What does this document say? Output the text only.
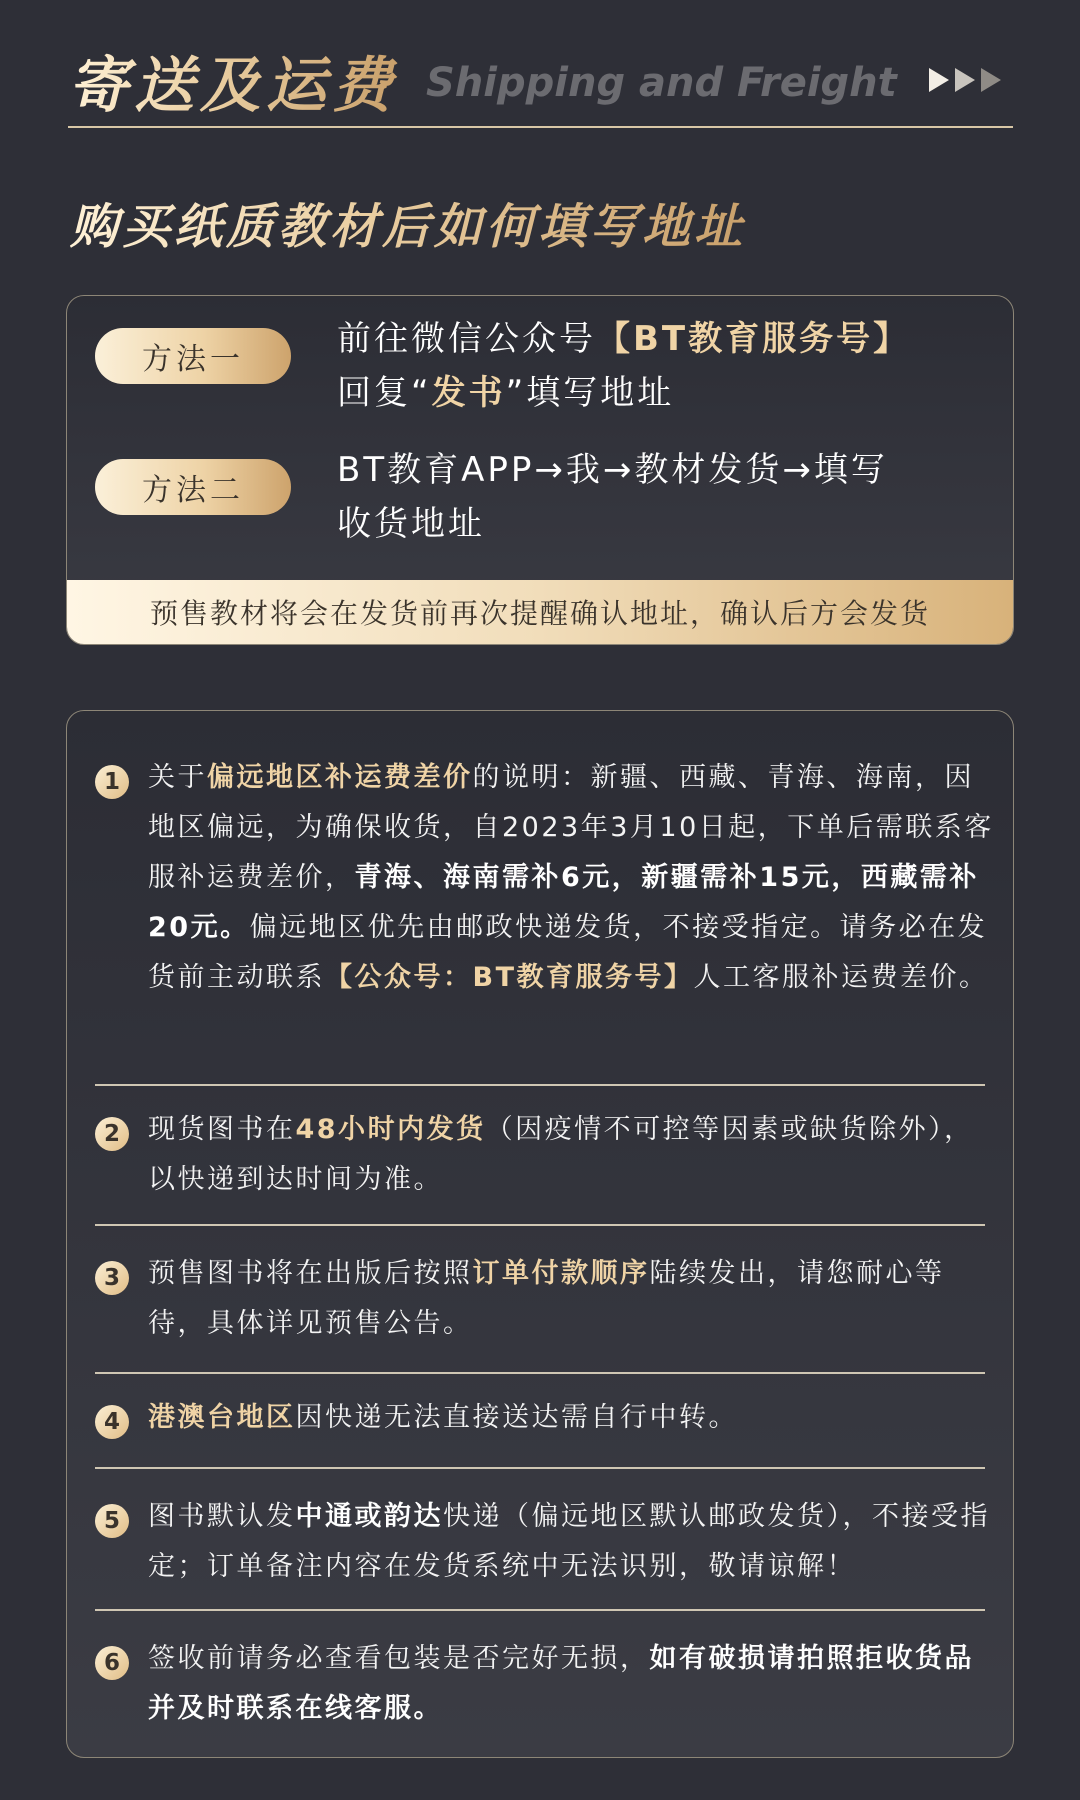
寄送及运费 Shipping and Freight
购买纸质教材后如何填写地址
方法一
前往微信公众号【BT教育服务号】
回复“发书”填写地址
方法二
BT教育APP→我→教材发货→填写
收货地址
预售教材将会在发货前再次提醒确认地址，确认后方会发货
1	关于偏远地区补运费差价的说明：新疆、西藏、青海、海南，因地区偏远，为确保收货，自2023年3月10日起，下单后需联系客服补运费差价，青海、海南需补6元，新疆需补15元，西藏需补20元。偏远地区优先由邮政快递发货，不接受指定。请务必在发货前主动联系【公众号：BT教育服务号】人工客服补运费差价。
2	现货图书在48小时内发货（因疫情不可控等因素或缺货除外），以快递到达时间为准。
3	预售图书将在出版后按照订单付款顺序陆续发出，请您耐心等待，具体详见预售公告。
4	港澳台地区因快递无法直接送达需自行中转。
5	图书默认发中通或韵达快递（偏远地区默认邮政发货），不接受指定；订单备注内容在发货系统中无法识别，敬请谅解！
6	签收前请务必查看包装是否完好无损，如有破损请拍照拒收货品并及时联系在线客服。
